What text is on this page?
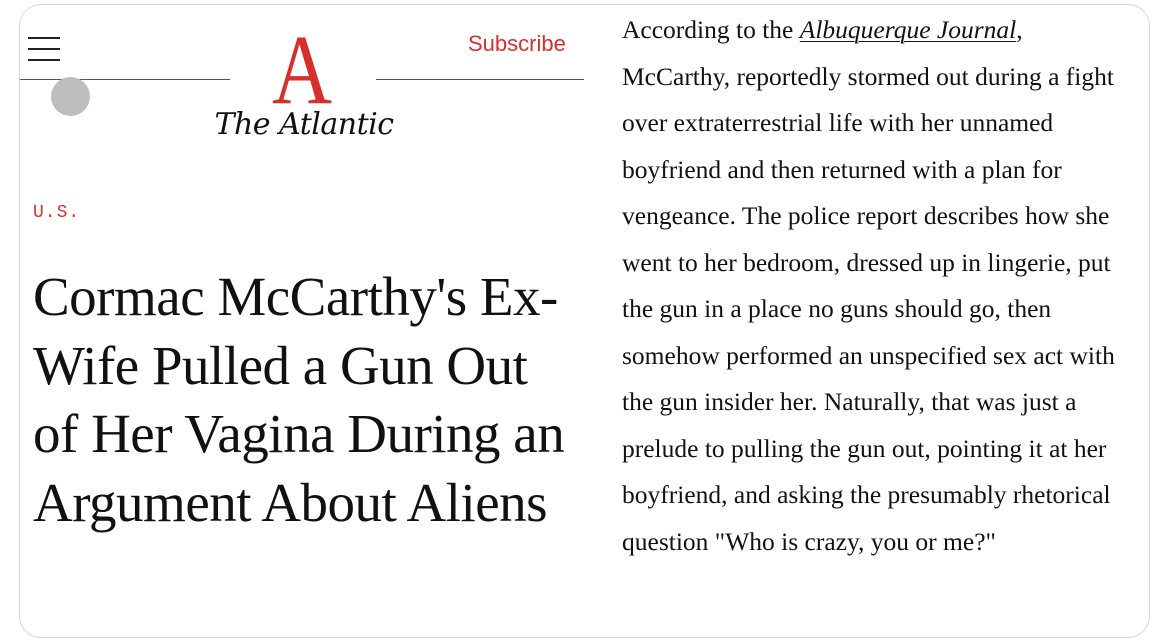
A
The Atlantic
Subscribe
U.S.
Cormac McCarthy's Ex-Wife Pulled a Gun Out of Her Vagina During an Argument About Aliens

According to the Albuquerque Journal, McCarthy, reportedly stormed out during a fight over extraterrestrial life with her unnamed boyfriend and then returned with a plan for vengeance. The police report describes how she went to her bedroom, dressed up in lingerie, put the gun in a place no guns should go, then somehow performed an unspecified sex act with the gun insider her. Naturally, that was just a prelude to pulling the gun out, pointing it at her boyfriend, and asking the presumably rhetorical question "Who is crazy, you or me?"
